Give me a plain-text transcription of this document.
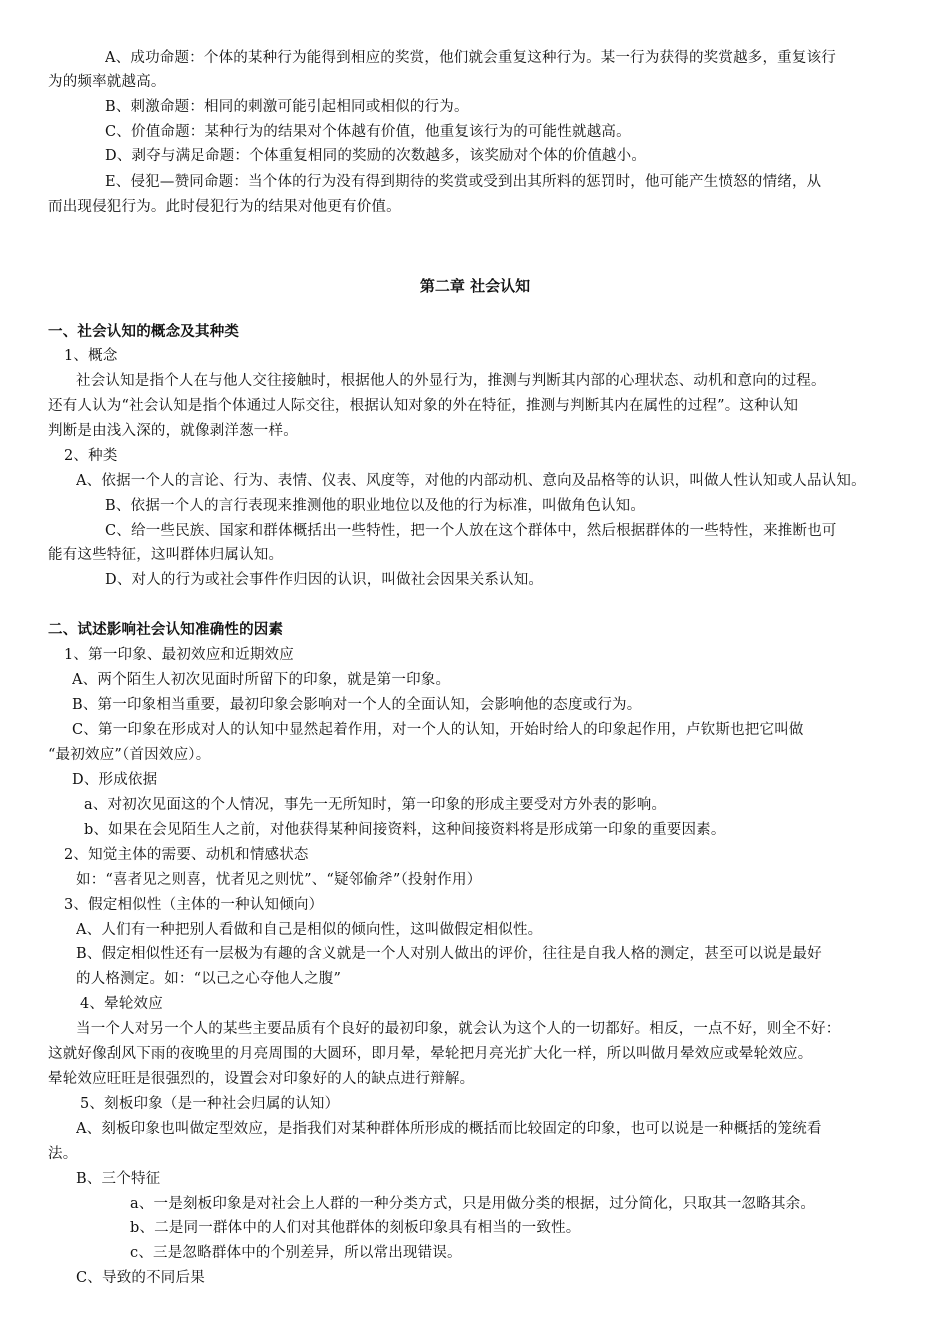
第二章 社会认知
A、成功命题：个体的某种行为能得到相应的奖赏，他们就会重复这种行为。某一行为获得的奖赏越多，重复该行
为的频率就越高。
B、刺激命题：相同的刺激可能引起相同或相似的行为。
C、价值命题：某种行为的结果对个体越有价值，他重复该行为的可能性就越高。
D、剥夺与满足命题：个体重复相同的奖励的次数越多，该奖励对个体的价值越小。
E、侵犯—赞同命题：当个体的行为没有得到期待的奖赏或受到出其所料的惩罚时，他可能产生愤怒的情绪，从
而出现侵犯行为。此时侵犯行为的结果对他更有价值。
一、社会认知的概念及其种类
1、概念
社会认知是指个人在与他人交往接触时，根据他人的外显行为，推测与判断其内部的心理状态、动机和意向的过程。
还有人认为“社会认知是指个体通过人际交往，根据认知对象的外在特征，推测与判断其内在属性的过程”。这种认知
判断是由浅入深的，就像剥洋葱一样。
2、种类
A、依据一个人的言论、行为、表情、仪表、风度等，对他的内部动机、意向及品格等的认识，叫做人性认知或人品认知。
B、依据一个人的言行表现来推测他的职业地位以及他的行为标准，叫做角色认知。
C、给一些民族、国家和群体概括出一些特性，把一个人放在这个群体中，然后根据群体的一些特性，来推断也可
能有这些特征，这叫群体归属认知。
D、对人的行为或社会事件作归因的认识，叫做社会因果关系认知。
二、试述影响社会认知准确性的因素
1、第一印象、最初效应和近期效应
A、两个陌生人初次见面时所留下的印象，就是第一印象。
B、第一印象相当重要，最初印象会影响对一个人的全面认知，会影响他的态度或行为。
C、第一印象在形成对人的认知中显然起着作用，对一个人的认知，开始时给人的印象起作用，卢钦斯也把它叫做
“最初效应”（首因效应）。
D、形成依据
a、对初次见面这的个人情况，事先一无所知时，第一印象的形成主要受对方外表的影响。
b、如果在会见陌生人之前，对他获得某种间接资料，这种间接资料将是形成第一印象的重要因素。
2、知觉主体的需要、动机和情感状态
如：“喜者见之则喜，忧者见之则忧”、“疑邻偷斧”（投射作用）
3、假定相似性（主体的一种认知倾向）
A、人们有一种把别人看做和自己是相似的倾向性，这叫做假定相似性。
B、假定相似性还有一层极为有趣的含义就是一个人对别人做出的评价，往往是自我人格的测定，甚至可以说是最好
的人格测定。如：“以己之心夺他人之腹”
4、晕轮效应
当一个人对另一个人的某些主要品质有个良好的最初印象，就会认为这个人的一切都好。相反，一点不好，则全不好：
这就好像刮风下雨的夜晚里的月亮周围的大圆环，即月晕，晕轮把月亮光扩大化一样，所以叫做月晕效应或晕轮效应。
晕轮效应旺旺是很强烈的，设置会对印象好的人的缺点进行辩解。
5、刻板印象（是一种社会归属的认知）
A、刻板印象也叫做定型效应，是指我们对某种群体所形成的概括而比较固定的印象，也可以说是一种概括的笼统看
法。
B、三个特征
a、一是刻板印象是对社会上人群的一种分类方式，只是用做分类的根据，过分简化，只取其一忽略其余。
b、二是同一群体中的人们对其他群体的刻板印象具有相当的一致性。
c、三是忽略群体中的个别差异，所以常出现错误。
C、导致的不同后果
